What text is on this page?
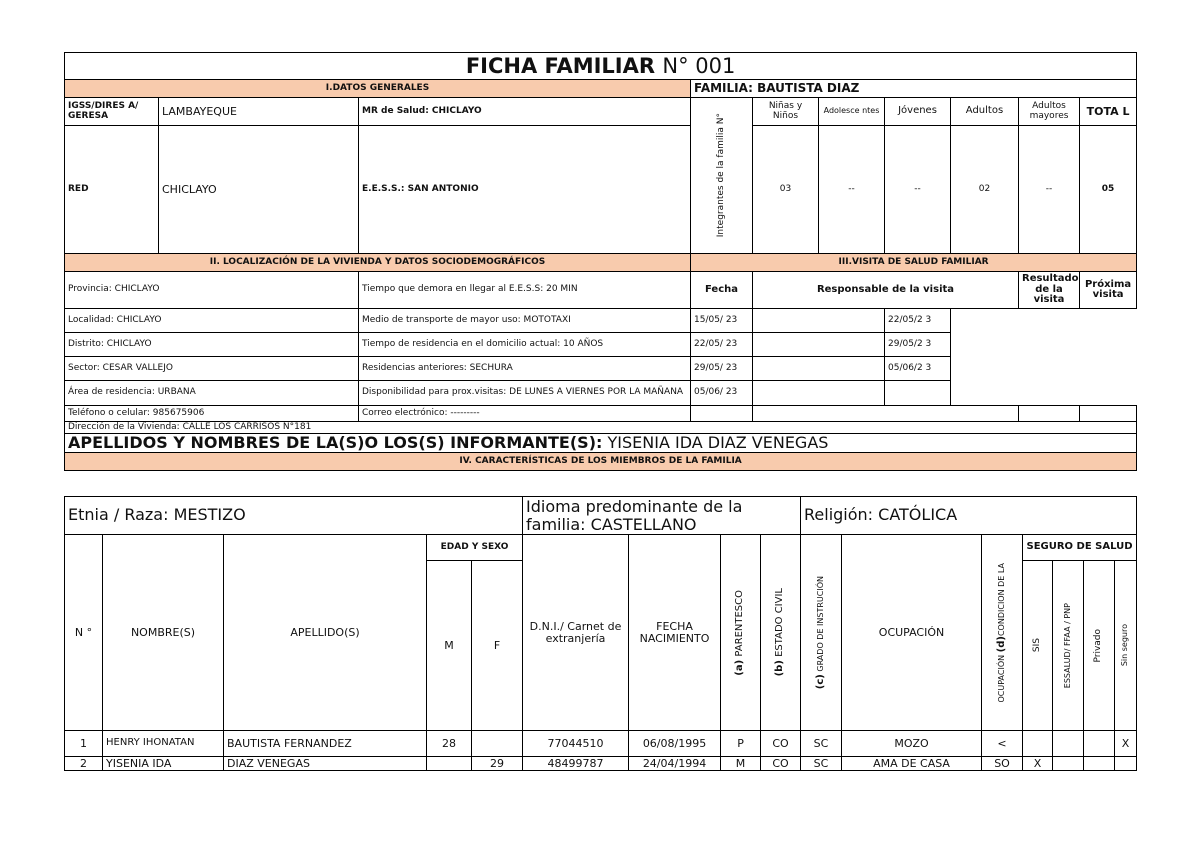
FICHA FAMILIAR N° 001									
I.DATOS GENERALES			FAMILIA: BAUTISTA DIAZ						
IGSS/DIRES A/ GERESA	LAMBAYEQUE	MR de Salud: CHICLAYO	Integrantes de la familia N°	Niñas y Niños	Adolesce ntes	Jóvenes	Adultos	Adultos mayores	TOTA L
RED	CHICLAYO	E.E.S.S.: SAN ANTONIO		03	--	--	02	--	05
II. LOCALIZACIÓN DE LA VIVIENDA Y DATOS SOCIODEMOGRÁFICOS			III.VISITA DE SALUD FAMILIAR						
Provincia: CHICLAYO		Tiempo que demora en llegar al E.E.S.S: 20 MIN	Fecha	Responsable de la visita				Resultado de la visita	Próxima visita
Localidad: CHICLAYO		Medio de transporte de mayor uso: MOTOTAXI	15/05/ 23			22/05/2 3			
Distrito: CHICLAYO		Tiempo de residencia en el domicilio actual: 10 AÑOS	22/05/ 23			29/05/2 3			
Sector: CESAR VALLEJO		Residencias anteriores: SECHURA	29/05/ 23			05/06/2 3			
Área de residencia: URBANA		Disponibilidad para prox.visitas: DE LUNES A VIERNES POR LA MAÑANA	05/06/ 23						
Teléfono o celular: 985675906		Correo electrónico: ---------							
Dirección de la Vivienda: CALLE LOS CARRISOS N°181									
APELLIDOS Y NOMBRES DE LA(S)O LOS(S) INFORMANTE(S): YISENIA IDA DIAZ VENEGAS									
IV. CARACTERÍSTICAS DE LOS MIEMBROS DE LA FAMILIA									
Etnia / Raza: MESTIZO					Idioma predominante de la familia: CASTELLANO				Religión: CATÓLICA						
N °	NOMBRE(S)	APELLIDO(S)	EDAD Y SEXO		D.N.I./ Carnet de extranjería	FECHA NACIMIENTO	(a) PARENTESCO	(b) ESTADO CIVIL	(c) GRADO DE INSTRUCIÓN	OCUPACIÓN	OCUPACIÓN (d)CONDICION DE LA	SEGURO DE SALUD			
			M	F								SIS	ESSALUD/ FFAA / PNP	Privado	Sin seguro

1	HENRY IHONATAN	BAUTISTA FERNANDEZ	28		77044510	06/08/1995	P	CO	SC	MOZO	<				X
2	YISENIA IDA	DIAZ VENEGAS		29	48499787	24/04/1994	M	CO	SC	AMA DE CASA	SO	X			
